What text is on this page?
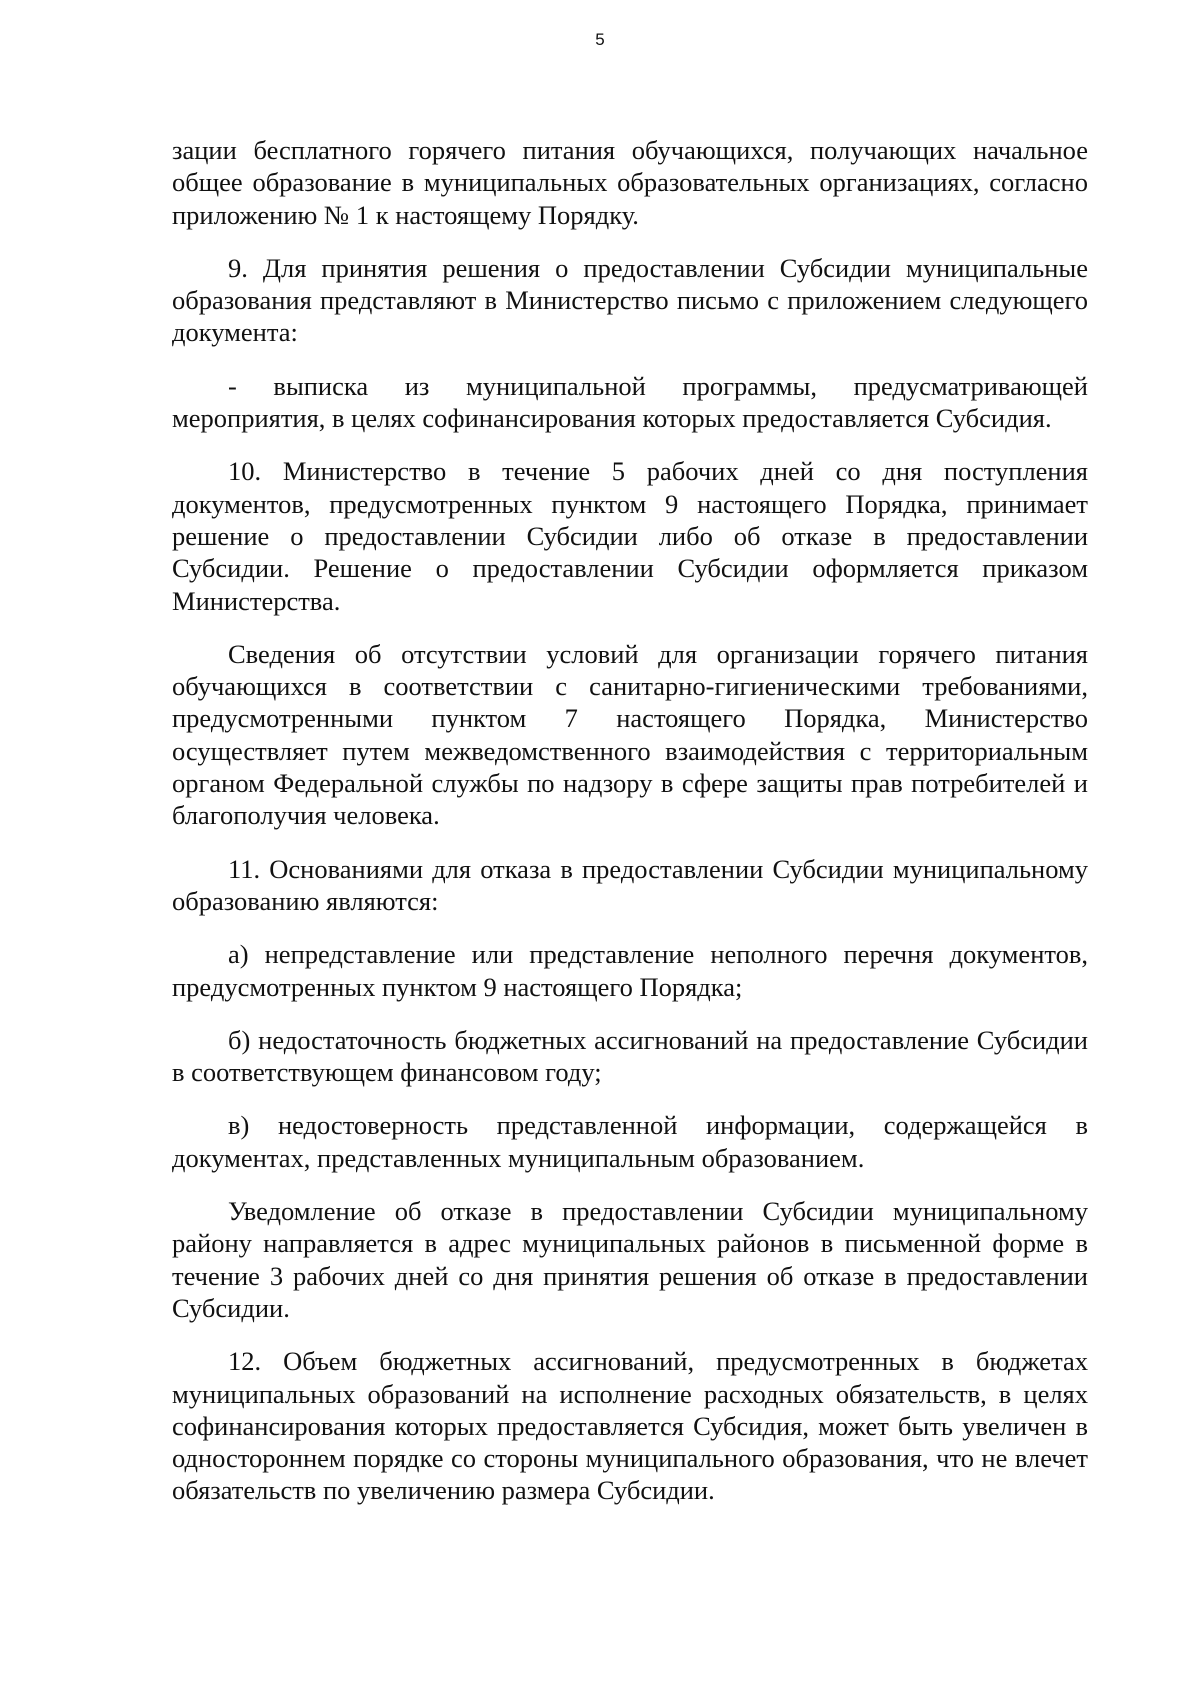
5

зации бесплатного горячего питания обучающихся, получающих начальное общее образование в муниципальных образовательных организациях, согласно приложению № 1 к настоящему Порядку.

9. Для принятия решения о предоставлении Субсидии муниципальные образования представляют в Министерство письмо с приложением следующего документа:

- выписка из муниципальной программы, предусматривающей мероприятия, в целях софинансирования которых предоставляется Субсидия.

10. Министерство в течение 5 рабочих дней со дня поступления документов, предусмотренных пунктом 9 настоящего Порядка, принимает решение о предоставлении Субсидии либо об отказе в предоставлении Субсидии. Решение о предоставлении Субсидии оформляется приказом Министерства.

Сведения об отсутствии условий для организации горячего питания обучающихся в соответствии с санитарно-гигиеническими требованиями, предусмотренными пунктом 7 настоящего Порядка, Министерство осуществляет путем межведомственного взаимодействия с территориальным органом Федеральной службы по надзору в сфере защиты прав потребителей и благополучия человека.

11. Основаниями для отказа в предоставлении Субсидии муниципальному образованию являются:

а) непредставление или представление неполного перечня документов, предусмотренных пунктом 9 настоящего Порядка;

б) недостаточность бюджетных ассигнований на предоставление Субсидии в соответствующем финансовом году;

в) недостоверность представленной информации, содержащейся в документах, представленных муниципальным образованием.

Уведомление об отказе в предоставлении Субсидии муниципальному району направляется в адрес муниципальных районов в письменной форме в течение 3 рабочих дней со дня принятия решения об отказе в предоставлении Субсидии.

12. Объем бюджетных ассигнований, предусмотренных в бюджетах муниципальных образований на исполнение расходных обязательств, в целях софинансирования которых предоставляется Субсидия, может быть увеличен в одностороннем порядке со стороны муниципального образования, что не влечет обязательств по увеличению размера Субсидии.
